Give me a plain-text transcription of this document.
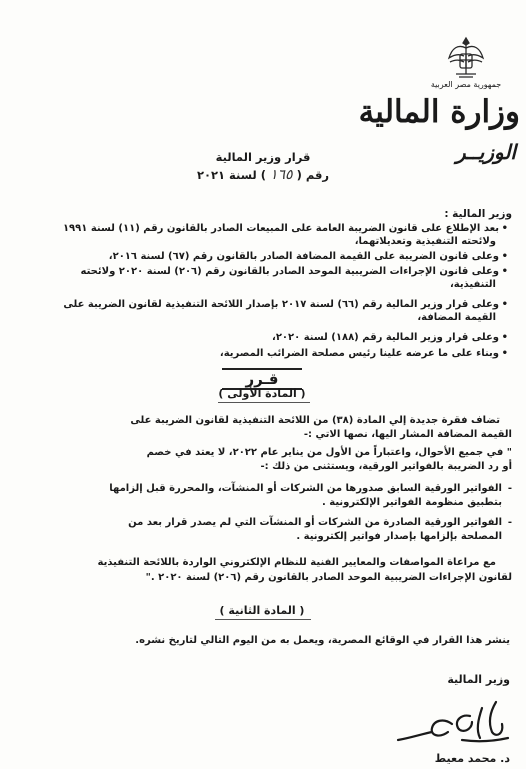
جمهورية مصر العربية
وزارة المالية
الوزيــر
قرار وزير المالية
رقم ( ١٦٥ ) لسنة ٢٠٢١
وزير المالية :
• بعد الإطلاع على قانون الضريبة العامة على المبيعات الصادر بالقانون رقم (١١) لسنة ١٩٩١
ولائحته التنفيذية وتعديلاتهما،
• وعلى قانون الضريبة على القيمة المضافة الصادر بالقانون رقم (٦٧) لسنة ٢٠١٦،
• وعلى قانون الإجراءات الضريبية الموحد الصادر بالقانون رقم (٢٠٦) لسنة ٢٠٢٠ ولائحته
التنفيذية،
• وعلى قرار وزير المالية رقم (٦٦) لسنة ٢٠١٧ بإصدار اللائحة التنفيذية لقانون الضريبة على
القيمة المضافة،
• وعلى قرار وزير المالية رقم (١٨٨) لسنة ٢٠٢٠،
• وبناء على ما عرضه علينا رئيس مصلحة الضرائب المصرية،
قـرر
( المادة الأولى )
تضاف فقرة جديدة إلي المادة (٣٨) من اللائحة التنفيذية لقانون الضريبة على
القيمة المضافة المشار اليها، نصها الاتي :-
" في جميع الأحوال، واعتباراً من الأول من يناير عام ٢٠٢٢، لا يعتد في خصم
أو رد الضريبة بالفواتير الورقية، ويستثنى من ذلك :-
- الفواتير الورقية السابق صدورها من الشركات أو المنشآت، والمحررة قبل إلزامها
بتطبيق منظومة الفواتير الإلكترونية .
- الفواتير الورقية الصادرة من الشركات أو المنشآت التي لم يصدر قرار بعد من
المصلحة بإلزامها بإصدار فواتير إلكترونية .
مع مراعاة المواصفات والمعايير الفنية للنظام الإلكتروني الواردة باللائحة التنفيذية
لقانون الإجراءات الضريبية الموحد الصادر بالقانون رقم (٢٠٦) لسنة ٢٠٢٠ ."
( المادة الثانية )
ينشر هذا القرار في الوقائع المصرية، ويعمل به من اليوم التالي لتاريخ نشره.
وزير المالية
د. محمد معيط
